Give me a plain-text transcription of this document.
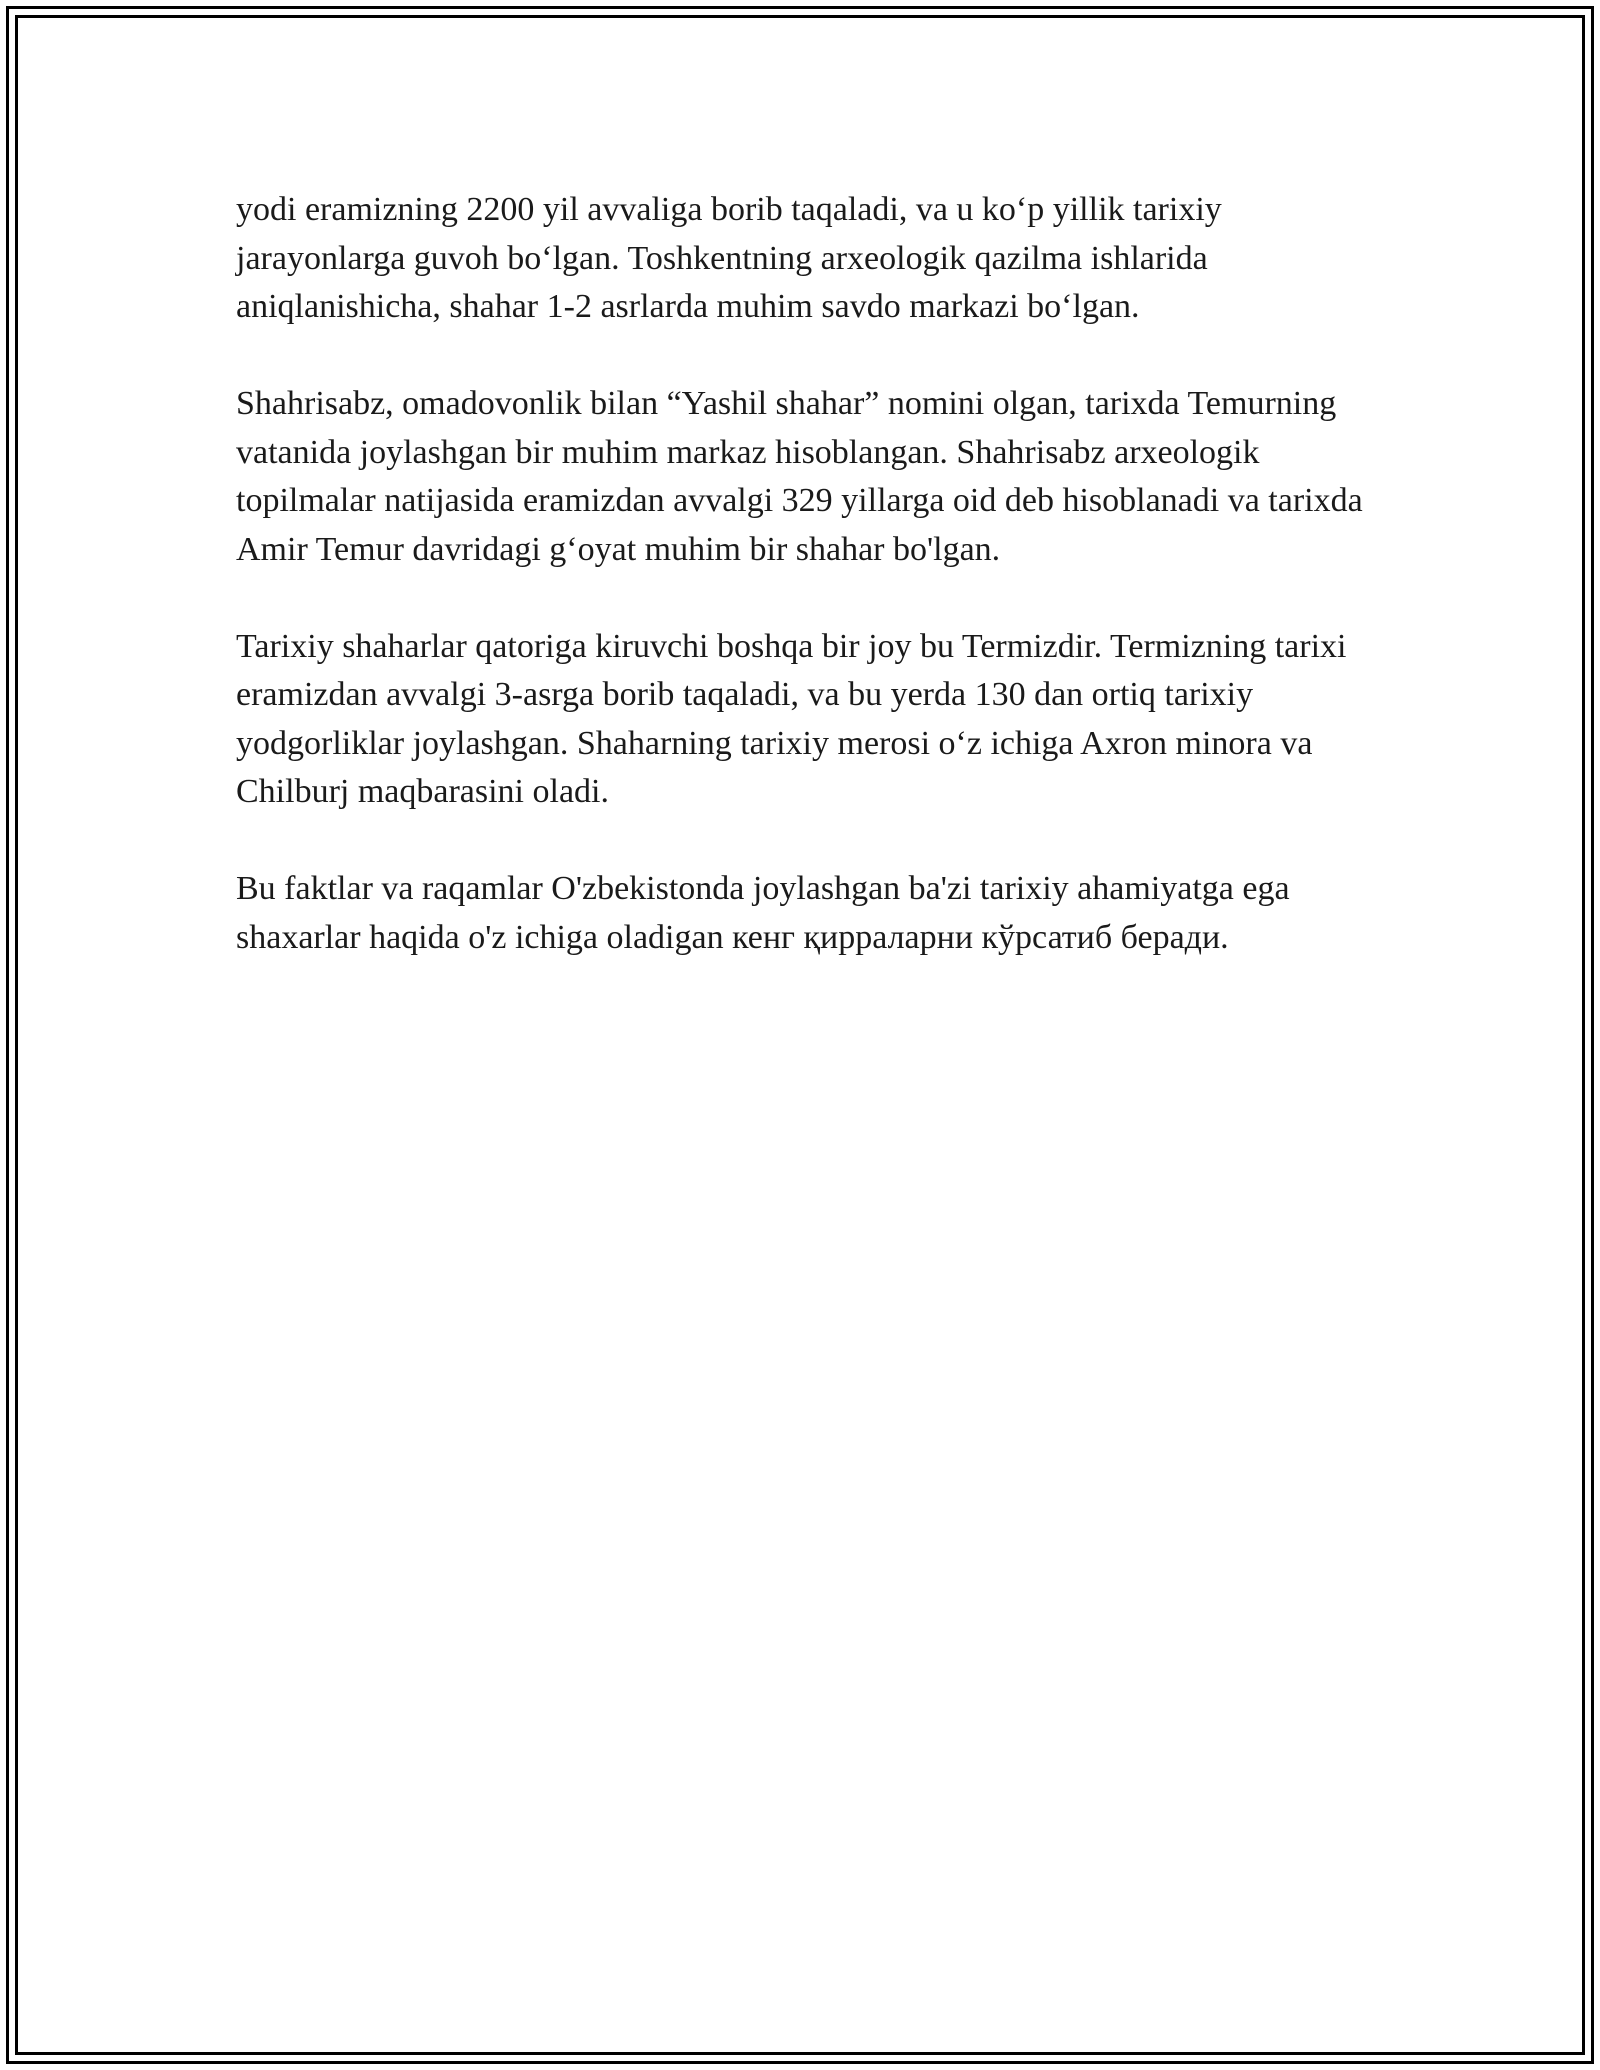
yodi eramizning 2200 yil avvaliga borib taqaladi, va u ko‘p yillik tarixiy jarayonlarga guvoh bo‘lgan. Toshkentning arxeologik qazilma ishlarida aniqlanishicha, shahar 1-2 asrlarda muhim savdo markazi bo‘lgan.

Shahrisabz, omadovonlik bilan “Yashil shahar” nomini olgan, tarixda Temurning vatanida joylashgan bir muhim markaz hisoblangan. Shahrisabz arxeologik topilmalar natijasida eramizdan avvalgi 329 yillarga oid deb hisoblanadi va tarixda Amir Temur davridagi g‘oyat muhim bir shahar bo'lgan.

Tarixiy shaharlar qatoriga kiruvchi boshqa bir joy bu Termizdir. Termizning tarixi eramizdan avvalgi 3-asrga borib taqaladi, va bu yerda 130 dan ortiq tarixiy yodgorliklar joylashgan. Shaharning tarixiy merosi o‘z ichiga Axron minora va Chilburj maqbarasini oladi.

Bu faktlar va raqamlar O'zbekistonda joylashgan ba'zi tarixiy ahamiyatga ega shaxarlar haqida o'z ichiga oladigan кенг қирраларни кўрсатиб беради.
